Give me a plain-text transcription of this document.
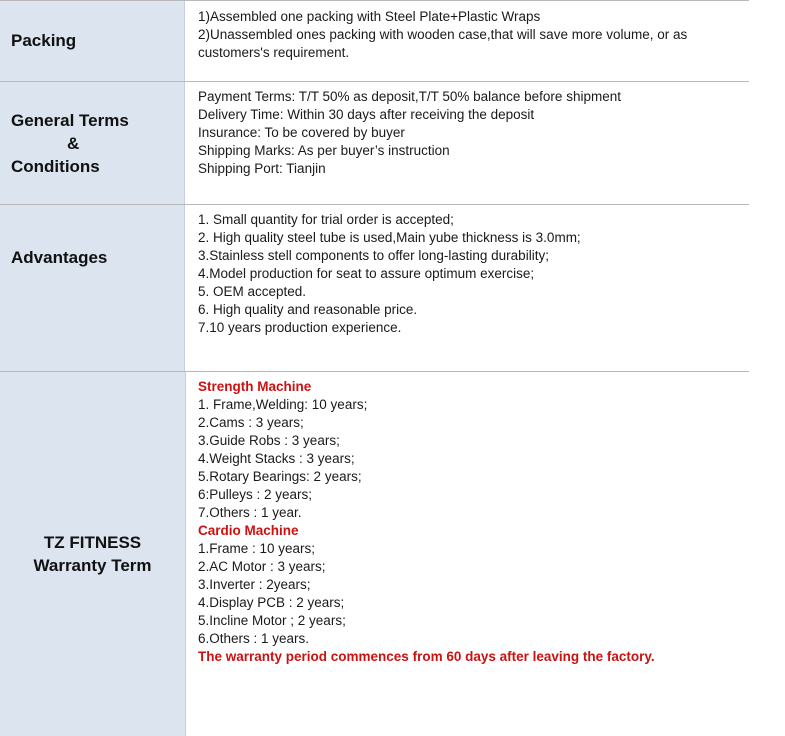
Packing
1)Assembled one packing with Steel Plate+Plastic Wraps
2)Unassembled ones packing with wooden case,that will save more volume, or as
customers's requirement.
General Terms
&
Conditions
Payment Terms: T/T 50% as deposit,T/T 50% balance before shipment
Delivery Time: Within 30 days after receiving the deposit
Insurance: To be covered by buyer
Shipping Marks: As per buyer’s instruction
Shipping Port: Tianjin
Advantages
1. Small quantity for trial order is accepted;
2. High quality steel tube is used,Main yube thickness is 3.0mm;
3.Stainless stell components to offer long-lasting durability;
4.Model production for seat to assure optimum exercise;
5. OEM accepted.
6. High quality and reasonable price.
7.10 years production experience.
TZ FITNESS
Warranty Term
Strength Machine
1. Frame,Welding: 10 years;
2.Cams : 3 years;
3.Guide Robs : 3 years;
4.Weight Stacks : 3 years;
5.Rotary Bearings: 2 years;
6:Pulleys : 2 years;
7.Others : 1 year.
Cardio Machine
1.Frame : 10 years;
2.AC Motor : 3 years;
3.Inverter : 2years;
4.Display PCB : 2 years;
5.Incline Motor ; 2 years;
6.Others : 1 years.
The warranty period commences from 60 days after leaving the factory.
